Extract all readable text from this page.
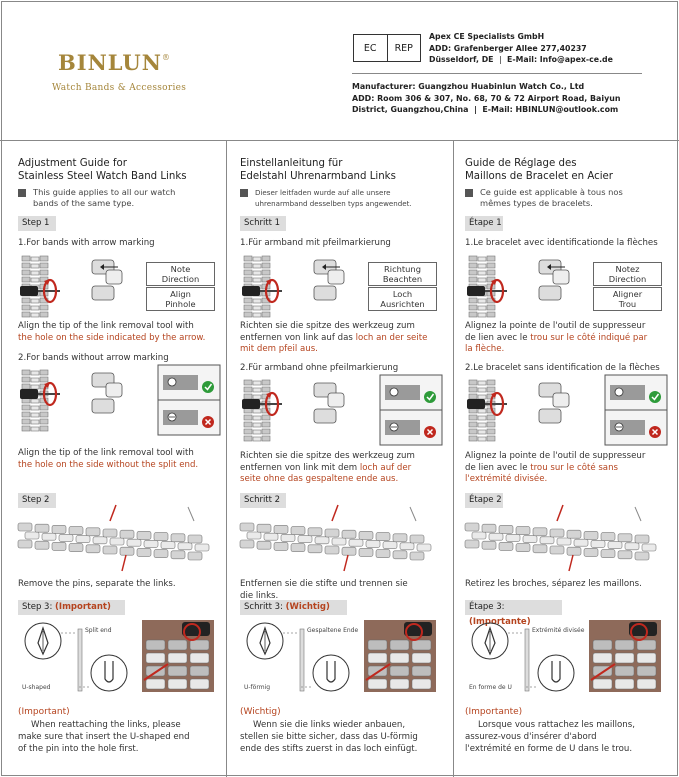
BINLUN®
Watch Bands & Accessories
EC	REP
Apex CE Specialists GmbH
ADD: Grafenberger Allee 277,40237
Düsseldorf, DE | E-Mail: Info@apex-ce.de
Manufacturer: Guangzhou Huabinlun Watch Co., Ltd
ADD: Room 306 & 307, No. 68, 70 & 72 Airport Road, Baiyun
District, Guangzhou,China  |  E-Mail: HBINLUN@outlook.com
Adjustment Guide for
Stainless Steel Watch Band Links
This guide applies to all our watch
bands of the same type.
Step 1
1.For bands with arrow marking
Note
Direction
Align
Pinhole
Align the tip of the link removal tool with
the hole on the side indicated by the arrow.
2.For bands without arrow marking
Align the tip of the link removal tool with
the hole on the side without the split end.
Step 2
Remove the pins, separate the links.
Step 3: (Important)
Split end
U-shaped
(Important)
When reattaching the links, please
make sure that insert the U-shaped end
of the pin into the hole first.
Einstellanleitung für
Edelstahl Uhrenarmband Links
Dieser leitfaden wurde auf alle unsere
uhrenarmband desselben typs angewendet.
Schritt 1
1.Für armband mit pfeilmarkierung
Richtung
Beachten
Loch
Ausrichten
Richten sie die spitze des werkzeug zum
entfernen von link auf das loch an der seite
mit dem pfeil aus.
2.Für armband ohne pfeilmarkierung
Richten sie die spitze des werkzeug zum
entfernen von link mit dem loch auf der
seite ohne das gespaltene ende aus.
Schritt 2
Entfernen sie die stifte und trennen sie
die links.
Schritt 3: (Wichtig)
Gespaltene Ende
U-förmig
(Wichtig)
Wenn sie die links wieder anbauen,
stellen sie bitte sicher, dass das U-förmig
ende des stifts zuerst in das loch einfügt.
Guide de Réglage des
Maillons de Bracelet en Acier
Ce guide est applicable à tous nos
mêmes types de bracelets.
Étape 1
1.Le bracelet avec identificationde la flèches
Notez
Direction
Aligner
Trou
Alignez la pointe de l'outil de suppresseur
de lien avec le trou sur le côté indiqué par
la flèche.
2.Le bracelet sans identification de la flèches
Alignez la pointe de l'outil de suppresseur
de lien avec le trou sur le côté sans
l'extrémité divisée.
Étape 2
Retirez les broches, séparez les maillons.
Étape 3: (Importante)
Extrémité divisée
En forme de U
(Importante)
Lorsque vous rattachez les maillons,
assurez-vous d'insérer d'abord
l'extrémité en forme de U dans le trou.
